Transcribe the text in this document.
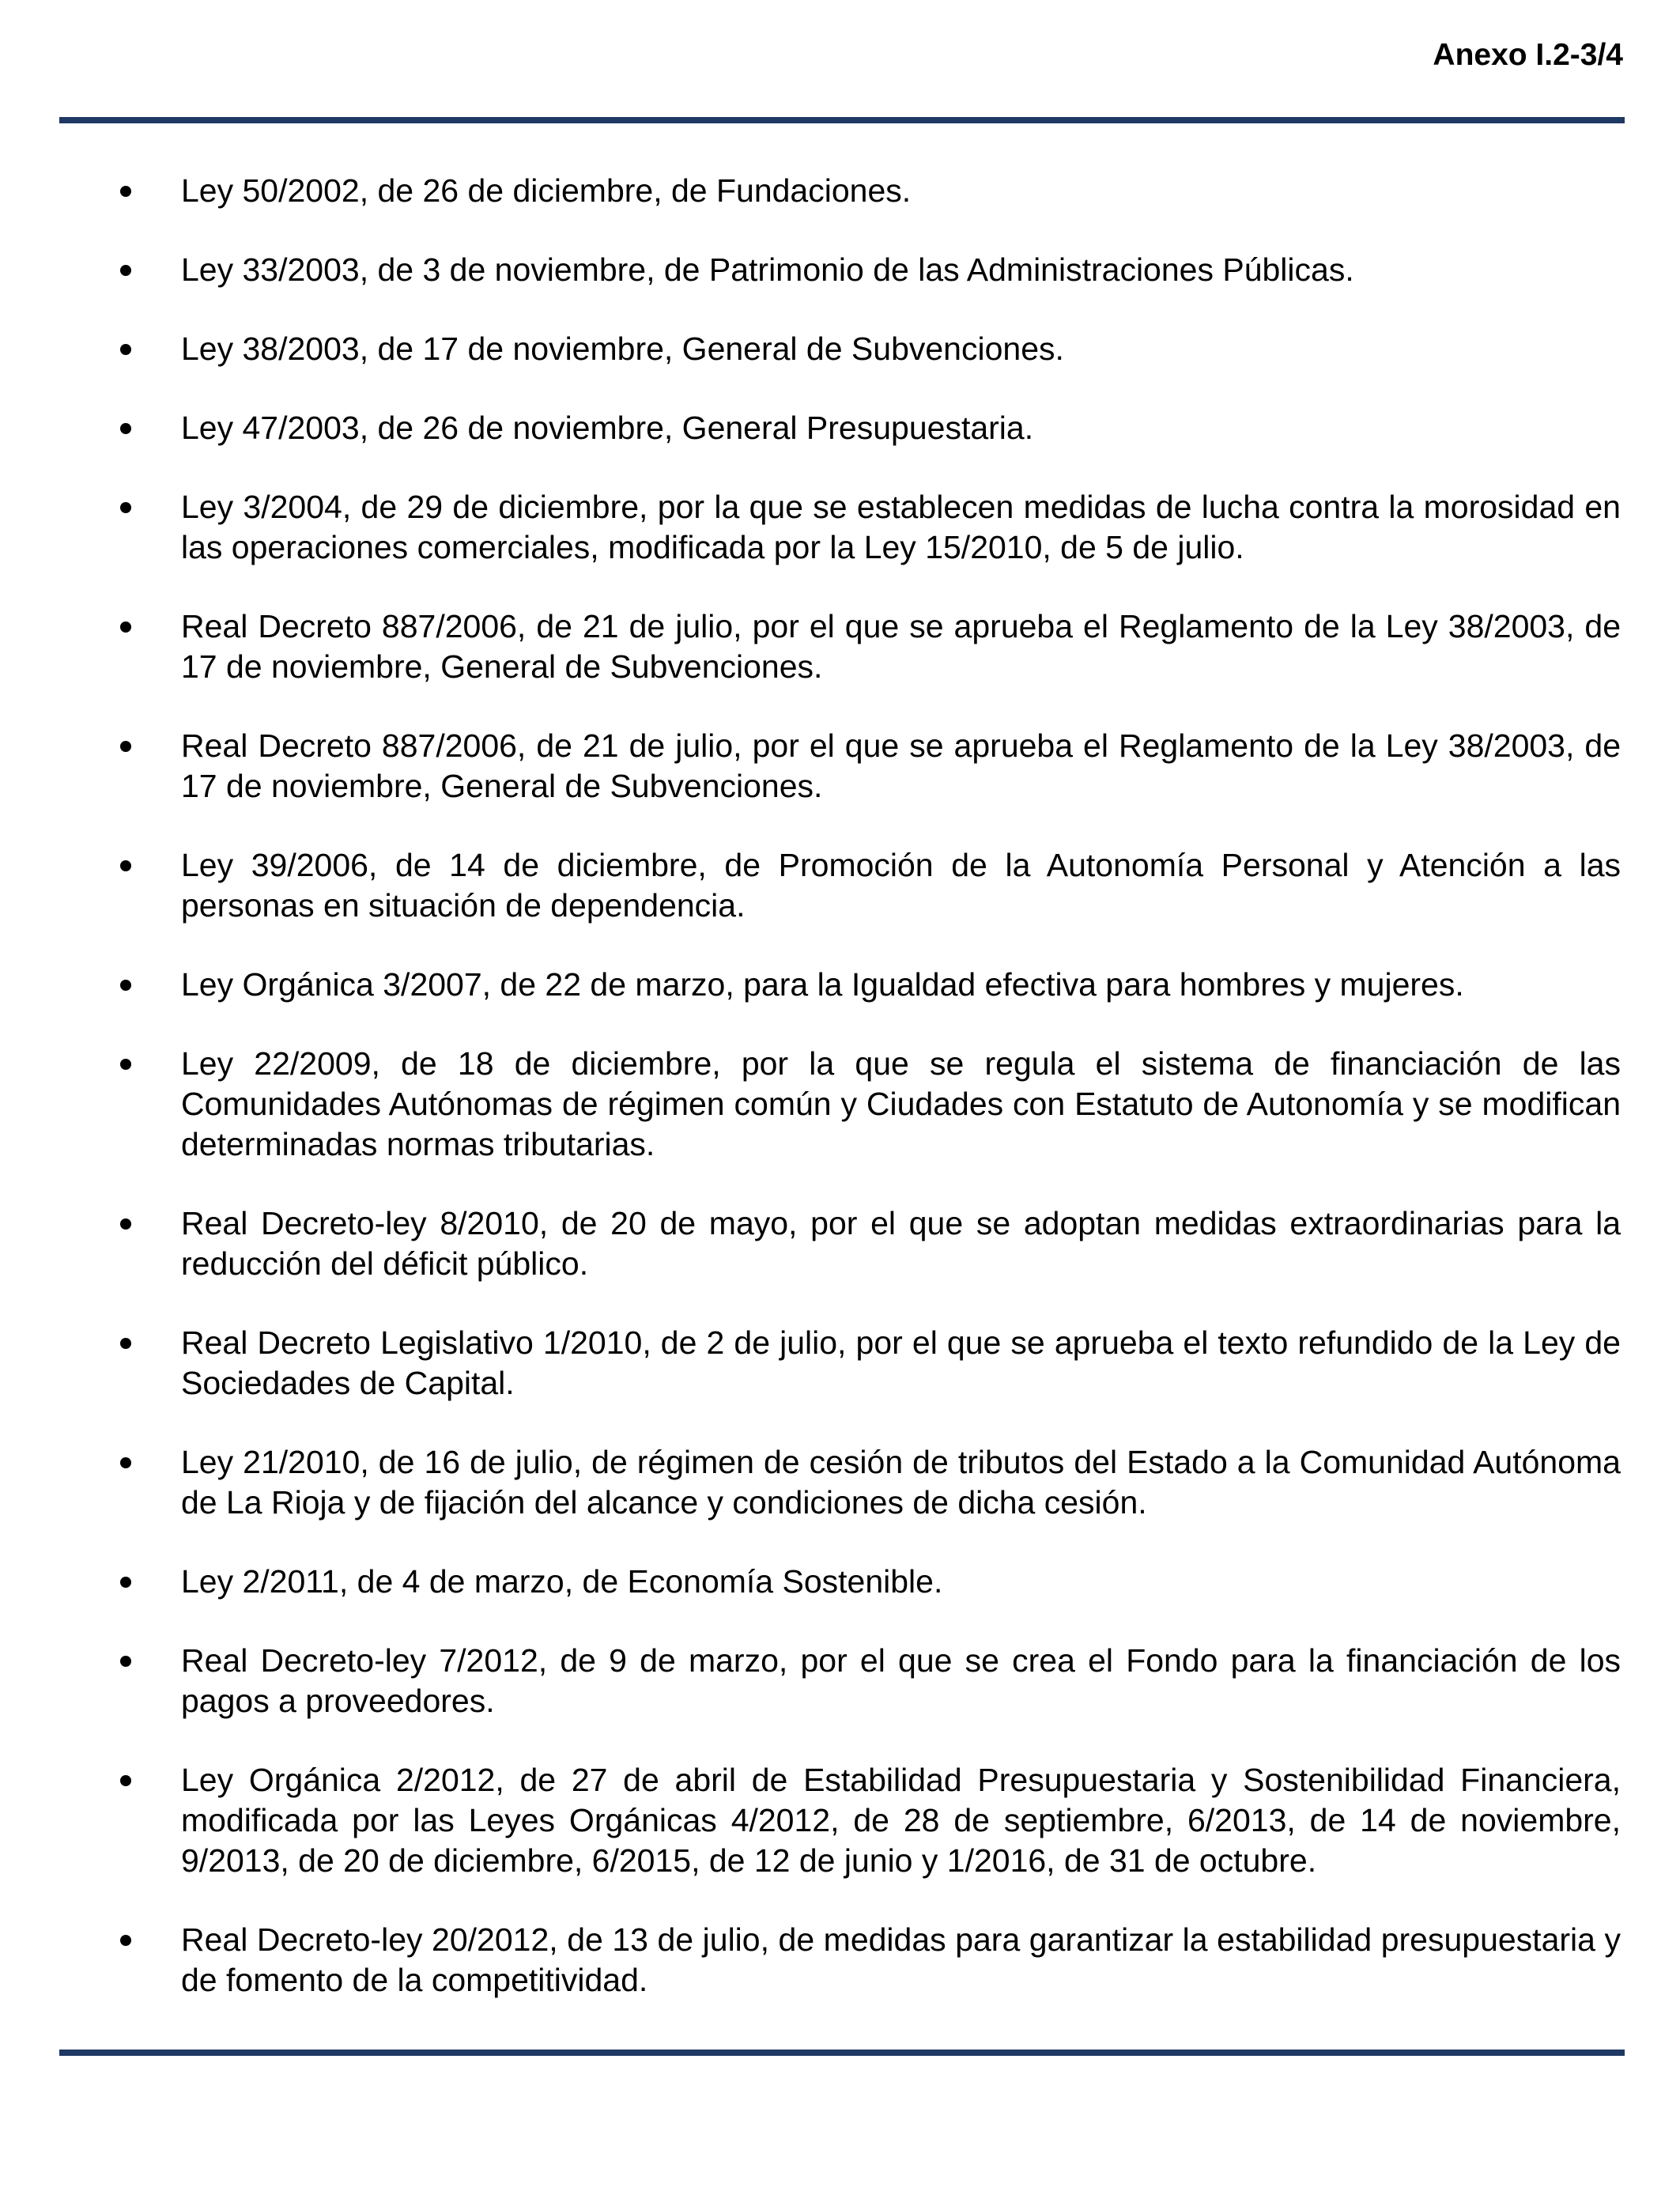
Anexo I.2-3/4
Ley 50/2002, de 26 de diciembre, de Fundaciones.
Ley 33/2003, de 3 de noviembre, de Patrimonio de las Administraciones Públicas.
Ley 38/2003, de 17 de noviembre, General de Subvenciones.
Ley 47/2003, de 26 de noviembre, General Presupuestaria.
Ley 3/2004, de 29 de diciembre, por la que se establecen medidas de lucha contra la morosidad en las operaciones comerciales, modificada por la Ley 15/2010, de 5 de julio.
Real Decreto 887/2006, de 21 de julio, por el que se aprueba el Reglamento de la Ley 38/2003, de 17 de noviembre, General de Subvenciones.
Real Decreto 887/2006, de 21 de julio, por el que se aprueba el Reglamento de la Ley 38/2003, de 17 de noviembre, General de Subvenciones.
Ley 39/2006, de 14 de diciembre, de Promoción de la Autonomía Personal y Atención a las personas en situación de dependencia.
Ley Orgánica 3/2007, de 22 de marzo, para la Igualdad efectiva para hombres y mujeres.
Ley 22/2009, de 18 de diciembre, por la que se regula el sistema de financiación de las Comunidades Autónomas de régimen común y Ciudades con Estatuto de Autonomía y se modifican determinadas normas tributarias.
Real Decreto-ley 8/2010, de 20 de mayo, por el que se adoptan medidas extraordinarias para la reducción del déficit público.
Real Decreto Legislativo 1/2010, de 2 de julio, por el que se aprueba el texto refundido de la Ley de Sociedades de Capital.
Ley 21/2010, de 16 de julio, de régimen de cesión de tributos del Estado a la Comunidad Autónoma de La Rioja y de fijación del alcance y condiciones de dicha cesión.
Ley 2/2011, de 4 de marzo, de Economía Sostenible.
Real Decreto-ley 7/2012, de 9 de marzo, por el que se crea el Fondo para la financiación de los pagos a proveedores.
Ley Orgánica 2/2012, de 27 de abril de Estabilidad Presupuestaria y Sostenibilidad Financiera, modificada por las Leyes Orgánicas 4/2012, de 28 de septiembre, 6/2013, de 14 de noviembre, 9/2013, de 20 de diciembre, 6/2015, de 12 de junio y 1/2016, de 31 de octubre.
Real Decreto-ley 20/2012, de 13 de julio, de medidas para garantizar la estabilidad presupuestaria y de fomento de la competitividad.
